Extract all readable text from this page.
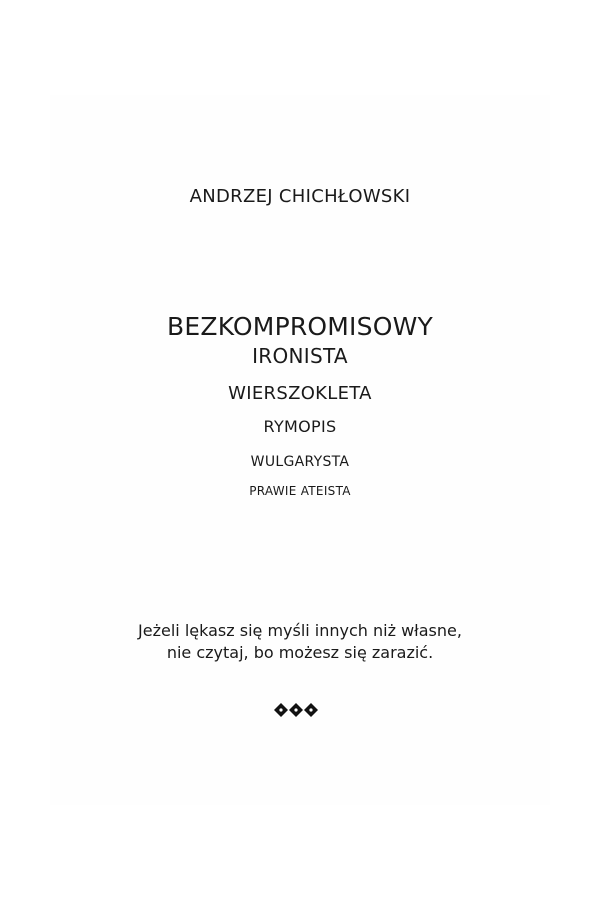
ANDRZEJ CHICHŁOWSKI
BEZKOMPROMISOWY
IRONISTA
WIERSZOKLETA
RYMOPIS
WULGARYSTA
PRAWIE ATEISTA
Jeżeli lękasz się myśli innych niż własne,
nie czytaj, bo możesz się zarazić.
